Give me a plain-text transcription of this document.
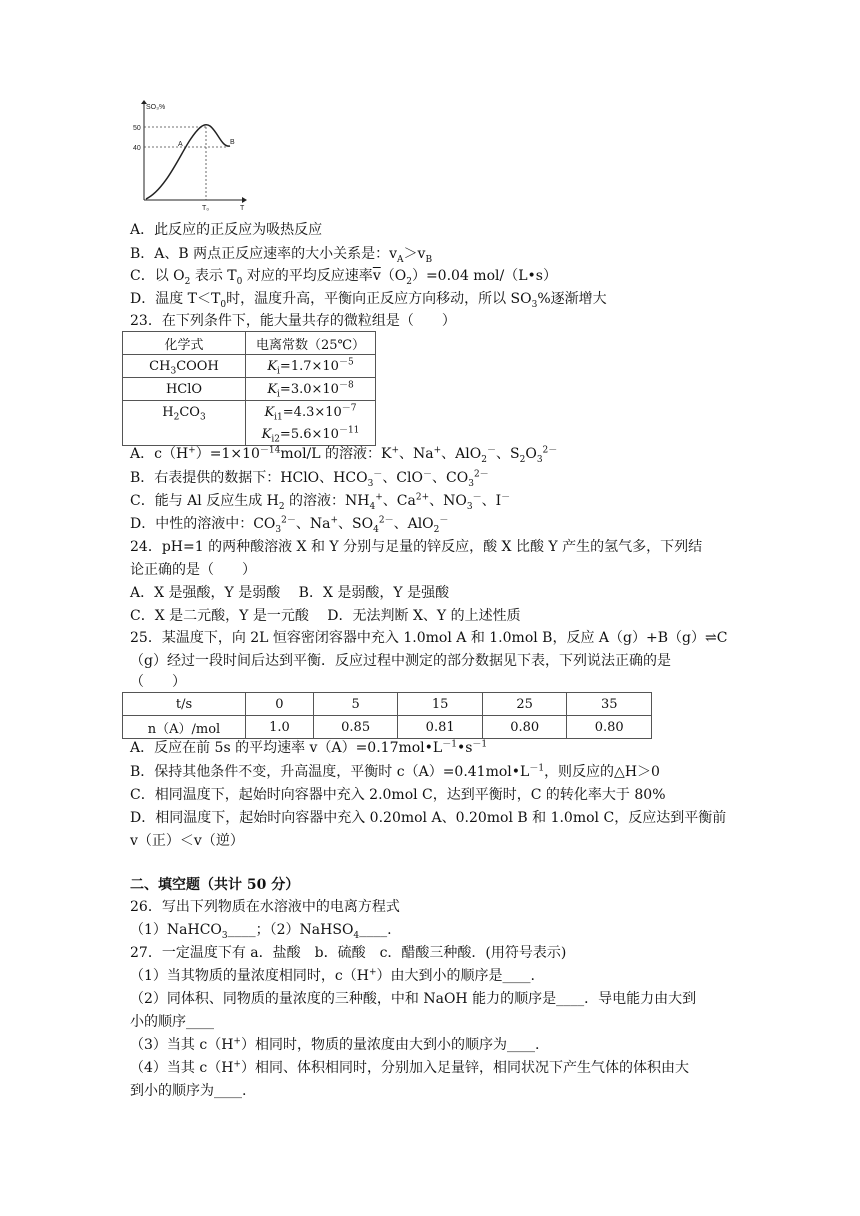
SO₃%
50
40
T₀	T
A	B
A．此反应的正反应为吸热反应
B．A、B 两点正反应速率的大小关系是：$v_A>v_B$
C．以 $O_2$ 表示 $T_0$ 对应的平均反应速率$\overline{v}(O_2)=0.04$ mol/（L•s）
D．温度 $T<T_0$时，温度升高，平衡向正反应方向移动，所以 $SO_3\%$逐渐增大
23．在下列条件下，能大量共存的微粒组是（　　）
化学式	电离常数（25℃）
$CH_3COOH$	$K_i=1.7\times 10^{-5}$
HClO	$K_i=3.0\times 10^{-8}$
$H_2CO_3$	$K_{i1}=4.3\times 10^{-7}$
	$K_{i2}=5.6\times 10^{-11}$
A．$c(H^+)=1\times 10^{-14}mol/L$ 的溶液：K+、Na+、AlO$_2$－、$S_2O_3^{2-}$
B．右表提供的数据下：HClO、$HCO_3^-$、ClO－、$CO_3^{2-}$
C．能与 Al 反应生成 $H_2$ 的溶液：$NH_4^+$、$Ca^{2+}$、$NO_3^-$、I－
D．中性的溶液中：$CO_3^{2-}$、Na+、$SO_4^{2-}$、AlO$_2$－
24．pH=1 的两种酸溶液 X 和 Y 分别与足量的锌反应，酸 X 比酸 Y 产生的氢气多，下列结
论正确的是（　　）
A．X 是强酸，Y 是弱酸　 B．X 是弱酸，Y 是强酸
C．X 是二元酸，Y 是一元酸　 D．无法判断 X、Y 的上述性质
25．某温度下，向 2L 恒容密闭容器中充入 1.0mol A 和 1.0mol B，反应 A（g）+B（g）⇌C
（g）经过一段时间后达到平衡．反应过程中测定的部分数据见下表，下列说法正确的是
（　　）
t/s	0	5	15	25	35
n（A）/mol	1.0	0.85	0.81	0.80	0.80
A．反应在前 5s 的平均速率 $v(A)=0.17mol•L^{-1}•s^{-1}$
B．保持其他条件不变，升高温度，平衡时 $c(A)=0.41mol•L^{-1}$，则反应的△H＞0
C．相同温度下，起始时向容器中充入 2.0mol C，达到平衡时，C 的转化率大于 80%
D．相同温度下，起始时向容器中充入 0.20mol A、0.20mol B 和 1.0mol C，反应达到平衡前
v（正）＜v（逆）
二、填空题（共计 50 分）
26．写出下列物质在水溶液中的电离方程式
（1）NaHCO$_3$____；（2）NaHSO$_4$____.
27．一定温度下有 a．盐酸　b．硫酸　c．醋酸三种酸．(用符号表示)
（1）当其物质的量浓度相同时，c（H+）由大到小的顺序是____.
（2）同体积、同物质的量浓度的三种酸，中和 NaOH 能力的顺序是____．导电能力由大到
小的顺序____
（3）当其 c（H+）相同时，物质的量浓度由大到小的顺序为____.
（4）当其 c（H+）相同、体积相同时，分别加入足量锌，相同状况下产生气体的体积由大
到小的顺序为____.
